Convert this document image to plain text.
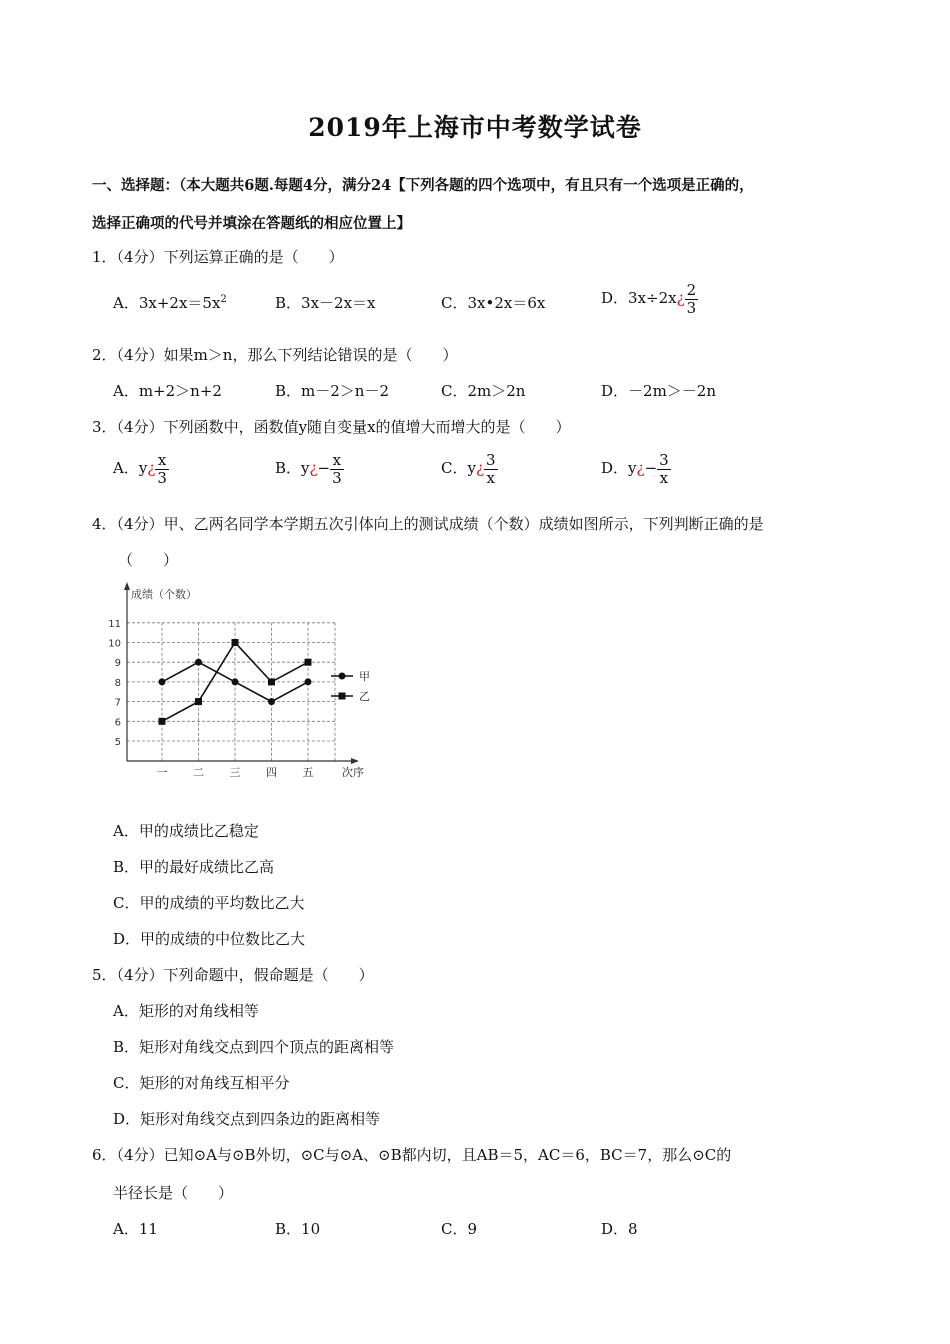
2019年上海市中考数学试卷
一、选择题：（本大题共6题.每题4分，满分24【下列各题的四个选项中，有且只有一个选项是正确的，
选择正确项的代号并填涂在答题纸的相应位置上】
1．（4分）下列运算正确的是（　　）
A．$3x+2x=5x^2$	B．3x－2x＝x	C．3x•2x＝6x	D．3x÷2x¿ $\frac{2}{3}$
2．（4分）如果m＞n，那么下列结论错误的是（　　）
A．m+2＞n+2	B．m－2＞n－2	C．2m＞2n	D．－2m＞－2n
3．（4分）下列函数中，函数值y随自变量x的值增大而增大的是（　　）
A．y¿ $\frac{x}{3}$	B．y¿− $\frac{x}{3}$	C．y¿ $\frac{3}{x}$	D．y¿− $\frac{3}{x}$
4．（4分）甲、乙两名同学本学期五次引体向上的测试成绩（个数）成绩如图所示，下列判断正确的是
（　　）
5
6
7
8
9
10
11
一 二 三 四 五
成绩（个数）
次序
甲
乙
A．甲的成绩比乙稳定
B．甲的最好成绩比乙高
C．甲的成绩的平均数比乙大
D．甲的成绩的中位数比乙大
5．（4分）下列命题中，假命题是（　　）
A．矩形的对角线相等
B．矩形对角线交点到四个顶点的距离相等
C．矩形的对角线互相平分
D．矩形对角线交点到四条边的距离相等
6．（4分）已知⊙A与⊙B外切，⊙C与⊙A、⊙B都内切，且AB＝5，AC＝6，BC＝7，那么⊙C的
半径长是（　　）
A．11	B．10	C．9	D．8
